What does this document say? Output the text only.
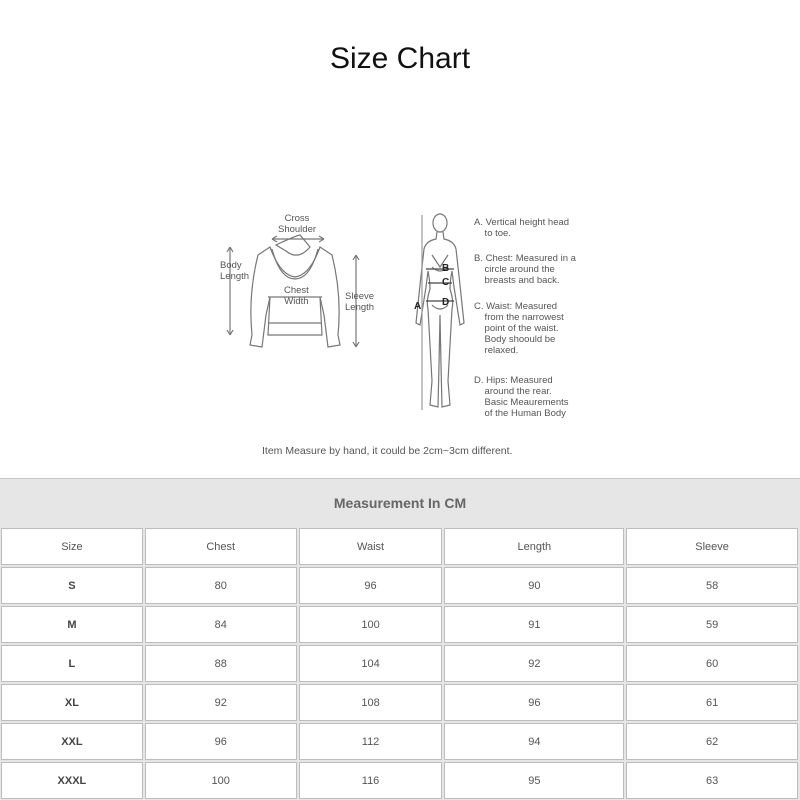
Size Chart
Cross
Shoulder
Body
Length
Chest
Width	Sleeve
Length	A
B
C
D
A. Vertical height head
to toe.
B. Chest: Measured in a
circle around the
breasts and back.
C. Waist: Measured
from the narrowest
point of the waist.
Body shoould be
relaxed.
D. Hips: Measured
around the rear.
Basic Meaurements
of the Human Body
Item Measure by hand, it could be 2cm~3cm different.
Measurement In CM
Size	Chest	Waist	Length	Sleeve
S	80	96	90	58
M	84	100	91	59
L	88	104	92	60
XL	92	108	96	61
XXL	96	112	94	62
XXXL	100	116	95	63
